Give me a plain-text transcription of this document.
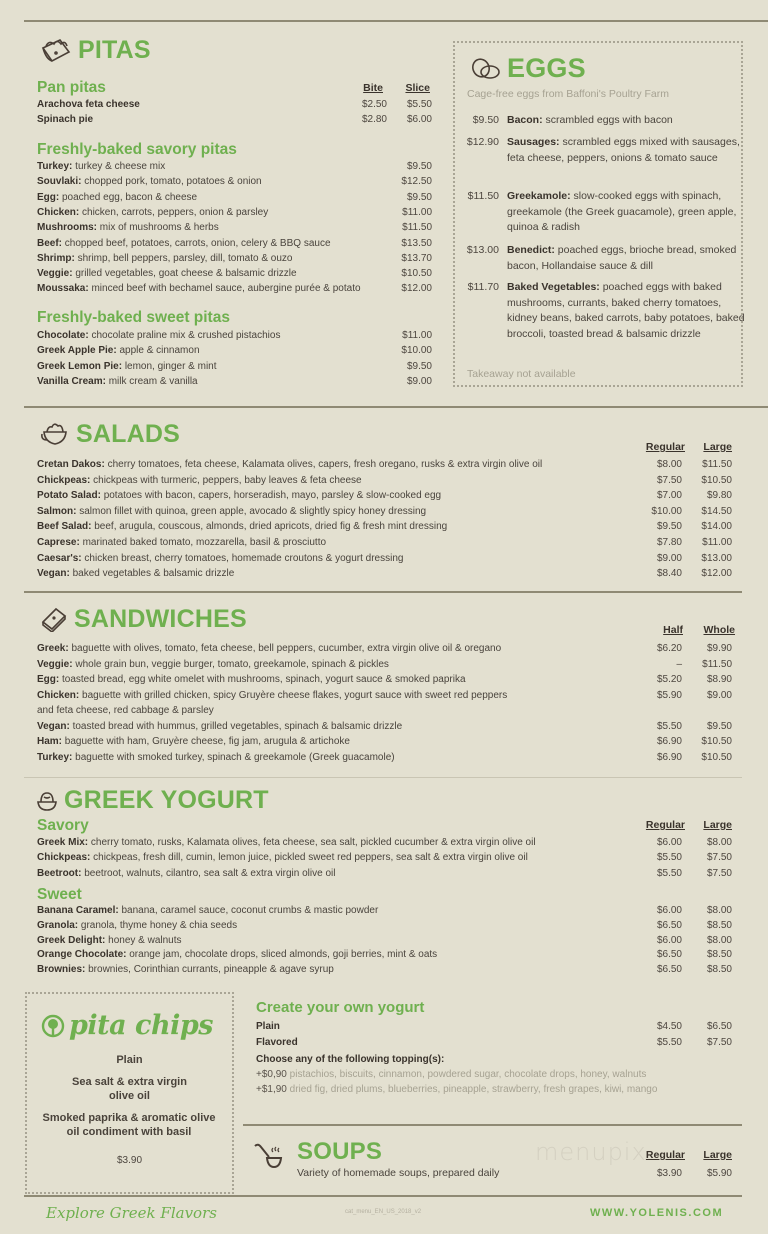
PITAS
Pan pitas	Bite	Slice
Arachova feta cheese	$2.50	$5.50
Spinach pie	$2.80	$6.00
Freshly-baked savory pitas
Turkey: turkey & cheese mix	$9.50
Souvlaki: chopped pork, tomato, potatoes & onion	$12.50
Egg: poached egg, bacon & cheese	$9.50
Chicken: chicken, carrots, peppers, onion & parsley	$11.00
Mushrooms: mix of mushrooms & herbs	$11.50
Beef: chopped beef, potatoes, carrots, onion, celery & BBQ sauce	$13.50
Shrimp: shrimp, bell peppers, parsley, dill, tomato & ouzo	$13.70
Veggie: grilled vegetables, goat cheese & balsamic drizzle	$10.50
Moussaka: minced beef with bechamel sauce, aubergine purée & potato	$12.00
Freshly-baked sweet pitas
Chocolate: chocolate praline mix & crushed pistachios	$11.00
Greek Apple Pie: apple & cinnamon	$10.00
Greek Lemon Pie: lemon, ginger & mint	$9.50
Vanilla Cream: milk cream & vanilla	$9.00
EGGS
Cage-free eggs from Baffoni's Poultry Farm
$9.50 Bacon: scrambled eggs with bacon
$12.90 Sausages: scrambled eggs mixed with sausages, feta cheese, peppers, onions & tomato sauce
$11.50 Greekamole: slow-cooked eggs with spinach, greekamole (the Greek guacamole), green apple, quinoa & radish
$13.00 Benedict: poached eggs, brioche bread, smoked bacon, Hollandaise sauce & dill
$11.70 Baked Vegetables: poached eggs with baked mushrooms, currants, baked cherry tomatoes, kidney beans, baked carrots, baby potatoes, baked broccoli, toasted bread & balsamic drizzle
Takeaway not available
SALADS	Regular	Large
Cretan Dakos: cherry tomatoes, feta cheese, Kalamata olives, capers, fresh oregano, rusks & extra virgin olive oil	$8.00	$11.50
Chickpeas: chickpeas with turmeric, peppers, baby leaves & feta cheese	$7.50	$10.50
Potato Salad: potatoes with bacon, capers, horseradish, mayo, parsley & slow-cooked egg	$7.00	$9.80
Salmon: salmon fillet with quinoa, green apple, avocado & slightly spicy honey dressing	$10.00	$14.50
Beef Salad: beef, arugula, couscous, almonds, dried apricots, dried fig & fresh mint dressing	$9.50	$14.00
Caprese: marinated baked tomato, mozzarella, basil & prosciutto	$7.80	$11.00
Caesar's: chicken breast, cherry tomatoes, homemade croutons & yogurt dressing	$9.00	$13.00
Vegan: baked vegetables & balsamic drizzle	$8.40	$12.00
SANDWICHES	Half	Whole
Greek: baguette with olives, tomato, feta cheese, bell peppers, cucumber, extra virgin olive oil & oregano	$6.20	$9.90
Veggie: whole grain bun, veggie burger, tomato, greekamole, spinach & pickles	–	$11.50
Egg: toasted bread, egg white omelet with mushrooms, spinach, yogurt sauce & smoked paprika	$5.20	$8.90
Chicken: baguette with grilled chicken, spicy Gruyère cheese flakes, yogurt sauce with sweet red peppers	$5.90	$9.00
and feta cheese, red cabbage & parsley
Vegan: toasted bread with hummus, grilled vegetables, spinach & balsamic drizzle	$5.50	$9.50
Ham: baguette with ham, Gruyère cheese, fig jam, arugula & artichoke	$6.90	$10.50
Turkey: baguette with smoked turkey, spinach & greekamole (Greek guacamole)	$6.90	$10.50
GREEK YOGURT
Savory	Regular	Large
Greek Mix: cherry tomato, rusks, Kalamata olives, feta cheese, sea salt, pickled cucumber & extra virgin olive oil	$6.00	$8.00
Chickpeas: chickpeas, fresh dill, cumin, lemon juice, pickled sweet red peppers, sea salt & extra virgin olive oil	$5.50	$7.50
Beetroot: beetroot, walnuts, cilantro, sea salt & extra virgin olive oil	$5.50	$7.50
Sweet
Banana Caramel: banana, caramel sauce, coconut crumbs & mastic powder	$6.00	$8.00
Granola: granola, thyme honey & chia seeds	$6.50	$8.50
Greek Delight: honey & walnuts	$6.00	$8.00
Orange Chocolate: orange jam, chocolate drops, sliced almonds, goji berries, mint & oats	$6.50	$8.50
Brownies: brownies, Corinthian currants, pineapple & agave syrup	$6.50	$8.50
pita chips
Plain
Sea salt & extra virgin olive oil
Smoked paprika & aromatic olive oil condiment with basil
$3.90
Create your own yogurt
Plain	$4.50	$6.50
Flavored	$5.50	$7.50
Choose any of the following topping(s):
+$0,90 pistachios, biscuits, cinnamon, powdered sugar, chocolate drops, honey, walnuts
+$1,90 dried fig, dried plums, blueberries, pineapple, strawberry, fresh grapes, kiwi, mango
SOUPS
Variety of homemade soups, prepared daily
menupix Regular	Large
$3.90	$5.90
Explore Greek Flavors	cat_menu_EN_US_2018_v2	WWW.YOLENIS.COM
